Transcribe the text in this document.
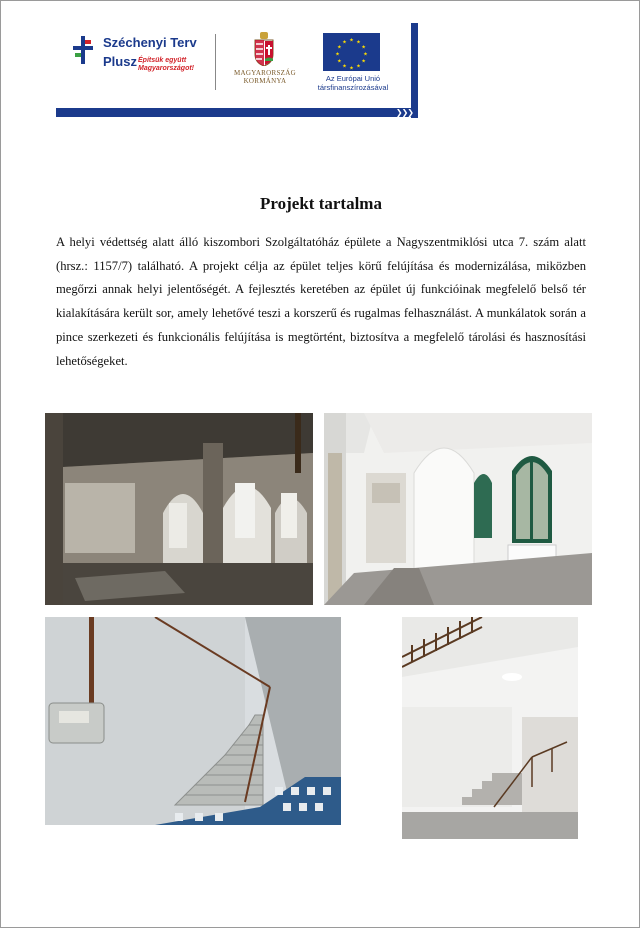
❯❯❯
Széchenyi Terv
Plusz Építsük együtt Magyarországot!
MAGYARORSZÁG
KORMÁNYA
★ ★
★
★
★
★
★
★
★
★
★
★
Az Európai Unió
társfinanszírozásával
Projekt tartalma

A helyi védettség alatt álló kiszombori Szolgáltatóház épülete a Nagyszentmiklósi utca 7. szám alatt (hrsz.: 1157/7) található. A projekt célja az épület teljes körű felújítása és modernizálása, miközben megőrzi annak helyi jelentőségét. A fejlesztés keretében az épület új funkcióinak megfelelő belső tér kialakítására került sor, amely lehetővé teszi a korszerű és rugalmas felhasználást. A munkálatok során a pince szerkezeti és funkcionális felújítása is megtörtént, biztosítva a megfelelő tárolási és hasznosítási lehetőségeket.
